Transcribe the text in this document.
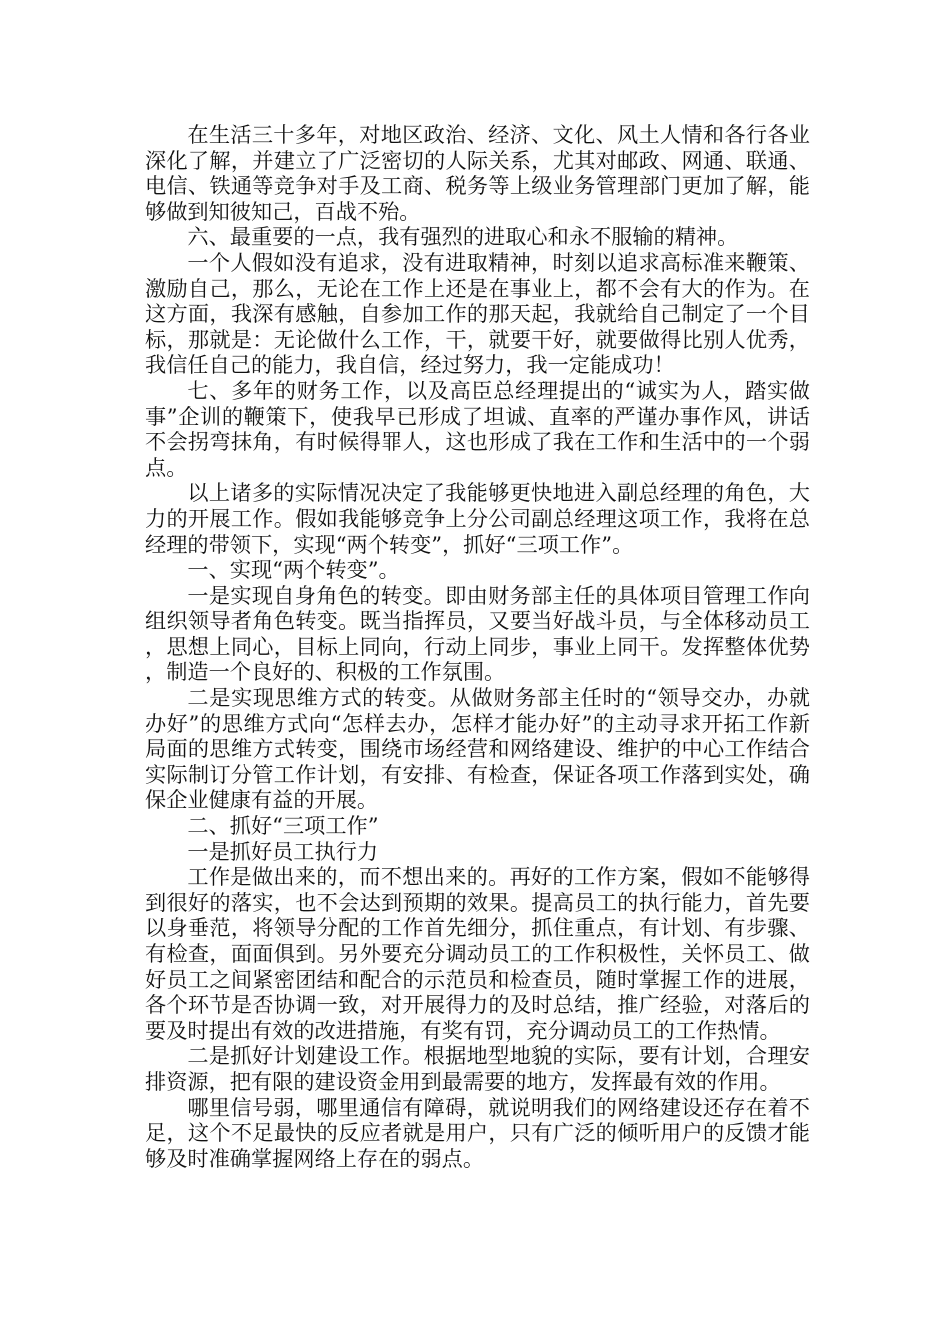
在生活三十多年，对地区政治、经济、文化、风土人情和各行各业深化了解，并建立了广泛密切的人际关系，尤其对邮政、网通、联通、电信、铁通等竞争对手及工商、税务等上级业务管理部门更加了解，能够做到知彼知己，百战不殆。

六、最重要的一点，我有强烈的进取心和永不服输的精神。

一个人假如没有追求，没有进取精神，时刻以追求高标准来鞭策、激励自己，那么，无论在工作上还是在事业上，都不会有大的作为。在这方面，我深有感触，自参加工作的那天起，我就给自己制定了一个目标，那就是：无论做什么工作，干，就要干好，就要做得比别人优秀，我信任自己的能力，我自信，经过努力，我一定能成功！

七、多年的财务工作，以及高臣总经理提出的“诚实为人，踏实做事”企训的鞭策下，使我早已形成了坦诚、直率的严谨办事作风，讲话不会拐弯抹角，有时候得罪人，这也形成了我在工作和生活中的一个弱点。

以上诸多的实际情况决定了我能够更快地进入副总经理的角色，大力的开展工作。假如我能够竞争上分公司副总经理这项工作，我将在总经理的带领下，实现“两个转变”，抓好“三项工作”。

一、实现“两个转变”。

一是实现自身角色的转变。即由财务部主任的具体项目管理工作向组织领导者角色转变。既当指挥员，又要当好战斗员，与全体移动员工，思想上同心，目标上同向，行动上同步，事业上同干。发挥整体优势，制造一个良好的、积极的工作氛围。

二是实现思维方式的转变。从做财务部主任时的“领导交办，办就办好”的思维方式向“怎样去办，怎样才能办好”的主动寻求开拓工作新局面的思维方式转变，围绕市场经营和网络建设、维护的中心工作结合实际制订分管工作计划，有安排、有检查，保证各项工作落到实处，确保企业健康有益的开展。

二、抓好“三项工作”

一是抓好员工执行力

工作是做出来的，而不想出来的。再好的工作方案，假如不能够得到很好的落实，也不会达到预期的效果。提高员工的执行能力，首先要以身垂范，将领导分配的工作首先细分，抓住重点，有计划、有步骤、有检查，面面俱到。另外要充分调动员工的工作积极性，关怀员工、做好员工之间紧密团结和配合的示范员和检查员，随时掌握工作的进展，各个环节是否协调一致，对开展得力的及时总结，推广经验，对落后的要及时提出有效的改进措施，有奖有罚，充分调动员工的工作热情。

二是抓好计划建设工作。根据地型地貌的实际，要有计划，合理安排资源，把有限的建设资金用到最需要的地方，发挥最有效的作用。

哪里信号弱，哪里通信有障碍，就说明我们的网络建设还存在着不足，这个不足最快的反应者就是用户，只有广泛的倾听用户的反馈才能够及时准确掌握网络上存在的弱点。
